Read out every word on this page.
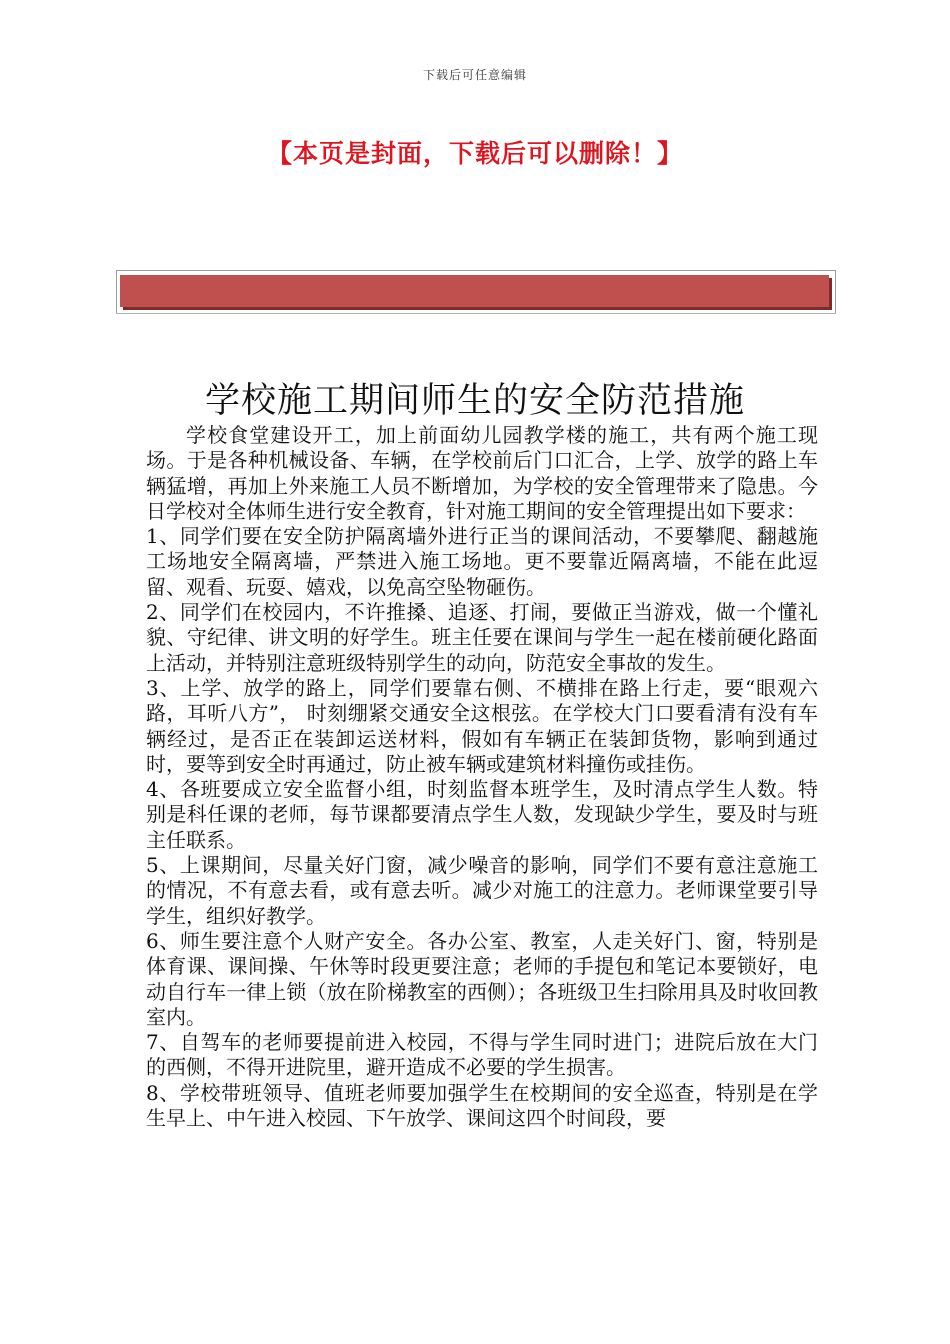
下载后可任意编辑
【本页是封面，下载后可以删除！】
学校施工期间师生的安全防范措施

学校食堂建设开工，加上前面幼儿园教学楼的施工，共有两个施工现场。于是各种机械设备、车辆，在学校前后门口汇合，上学、放学的路上车辆猛增，再加上外来施工人员不断增加，为学校的安全管理带来了隐患。今日学校对全体师生进行安全教育，针对施工期间的安全管理提出如下要求：

1、同学们要在安全防护隔离墙外进行正当的课间活动，不要攀爬、翻越施工场地安全隔离墙，严禁进入施工场地。更不要靠近隔离墙，不能在此逗留、观看、玩耍、嬉戏，以免高空坠物砸伤。

2、同学们在校园内，不许推搡、追逐、打闹，要做正当游戏，做一个懂礼貌、守纪律、讲文明的好学生。班主任要在课间与学生一起在楼前硬化路面上活动，并特别注意班级特别学生的动向，防范安全事故的发生。

3、上学、放学的路上，同学们要靠右侧、不横排在路上行走，要“眼观六路，耳听八方”， 时刻绷紧交通安全这根弦。在学校大门口要看清有没有车辆经过，是否正在装卸运送材料，假如有车辆正在装卸货物，影响到通过时，要等到安全时再通过，防止被车辆或建筑材料撞伤或挂伤。

4、各班要成立安全监督小组，时刻监督本班学生，及时清点学生人数。特别是科任课的老师，每节课都要清点学生人数，发现缺少学生，要及时与班主任联系。

5、上课期间，尽量关好门窗，减少噪音的影响，同学们不要有意注意施工的情况，不有意去看，或有意去听。减少对施工的注意力。老师课堂要引导学生，组织好教学。

6、师生要注意个人财产安全。各办公室、教室，人走关好门、窗，特别是体育课、课间操、午休等时段更要注意；老师的手提包和笔记本要锁好，电动自行车一律上锁（放在阶梯教室的西侧）；各班级卫生扫除用具及时收回教室内。

7、自驾车的老师要提前进入校园，不得与学生同时进门；进院后放在大门的西侧，不得开进院里，避开造成不必要的学生损害。

8、学校带班领导、值班老师要加强学生在校期间的安全巡查，特别是在学生早上、中午进入校园、下午放学、课间这四个时间段，要
